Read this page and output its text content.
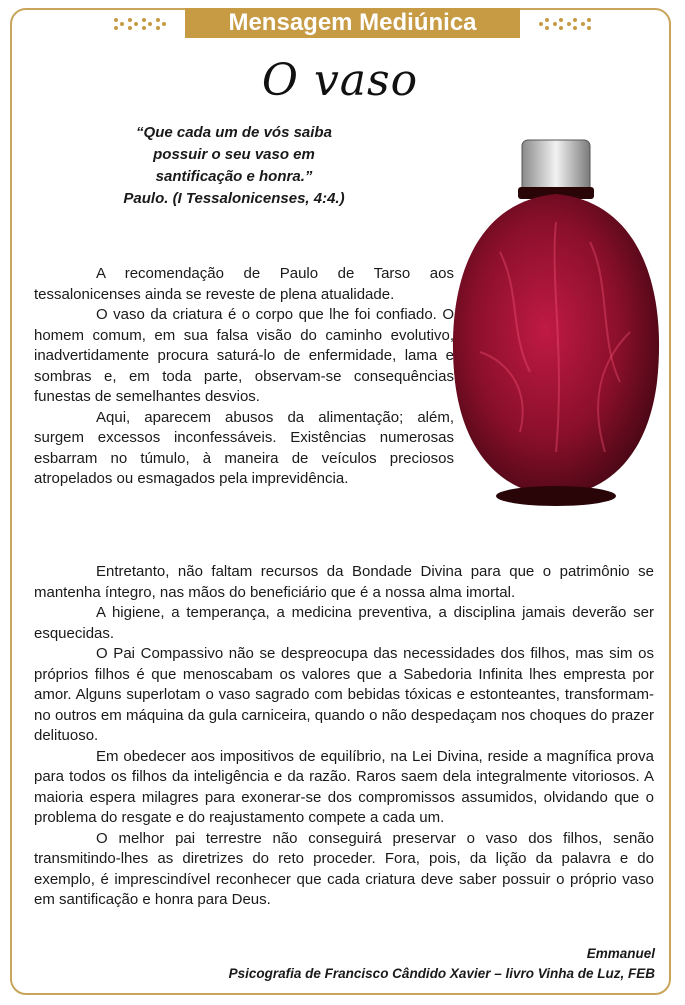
Mensagem Mediúnica
O vaso
“Que cada um de vós saiba
possuir o seu vaso em
santificação e honra.”
Paulo. (I Tessalonicenses, 4:4.)

A recomendação de Paulo de Tarso aos tessalonicenses ainda se reveste de plena atualidade.

O vaso da criatura é o corpo que lhe foi confiado. O homem comum, em sua falsa visão do caminho evolutivo, inadvertidamente procura saturá-lo de enfermidade, lama e sombras e, em toda parte, observam-se consequências funestas de semelhantes desvios.

Aqui, aparecem abusos da alimentação; além, surgem excessos inconfessáveis. Existências numerosas esbarram no túmulo, à maneira de veículos preciosos atropelados ou esmagados pela imprevidência.

Entretanto, não faltam recursos da Bondade Divina para que o patrimônio se mantenha íntegro, nas mãos do beneficiário que é a nossa alma imortal.

A higiene, a temperança, a medicina preventiva, a disciplina jamais deverão ser esquecidas.

O Pai Compassivo não se despreocupa das necessidades dos filhos, mas sim os próprios filhos é que menoscabam os valores que a Sabedoria Infinita lhes empresta por amor. Alguns superlotam o vaso sagrado com bebidas tóxicas e estonteantes, transformam-no outros em máquina da gula carniceira, quando o não despedaçam nos choques do prazer delituoso.

Em obedecer aos impositivos de equilíbrio, na Lei Divina, reside a magnífica prova para todos os filhos da inteligência e da razão. Raros saem dela integralmente vitoriosos. A maioria espera milagres para exonerar-se dos compromissos assumidos, olvidando que o problema do resgate e do reajustamento compete a cada um.

O melhor pai terrestre não conseguirá preservar o vaso dos filhos, senão transmitindo-lhes as diretrizes do reto proceder. Fora, pois, da lição da palavra e do exemplo, é imprescindível reconhecer que cada criatura deve saber possuir o próprio vaso em santificação e honra para Deus.

Emmanuel
Psicografia de Francisco Cândido Xavier – livro Vinha de Luz, FEB
